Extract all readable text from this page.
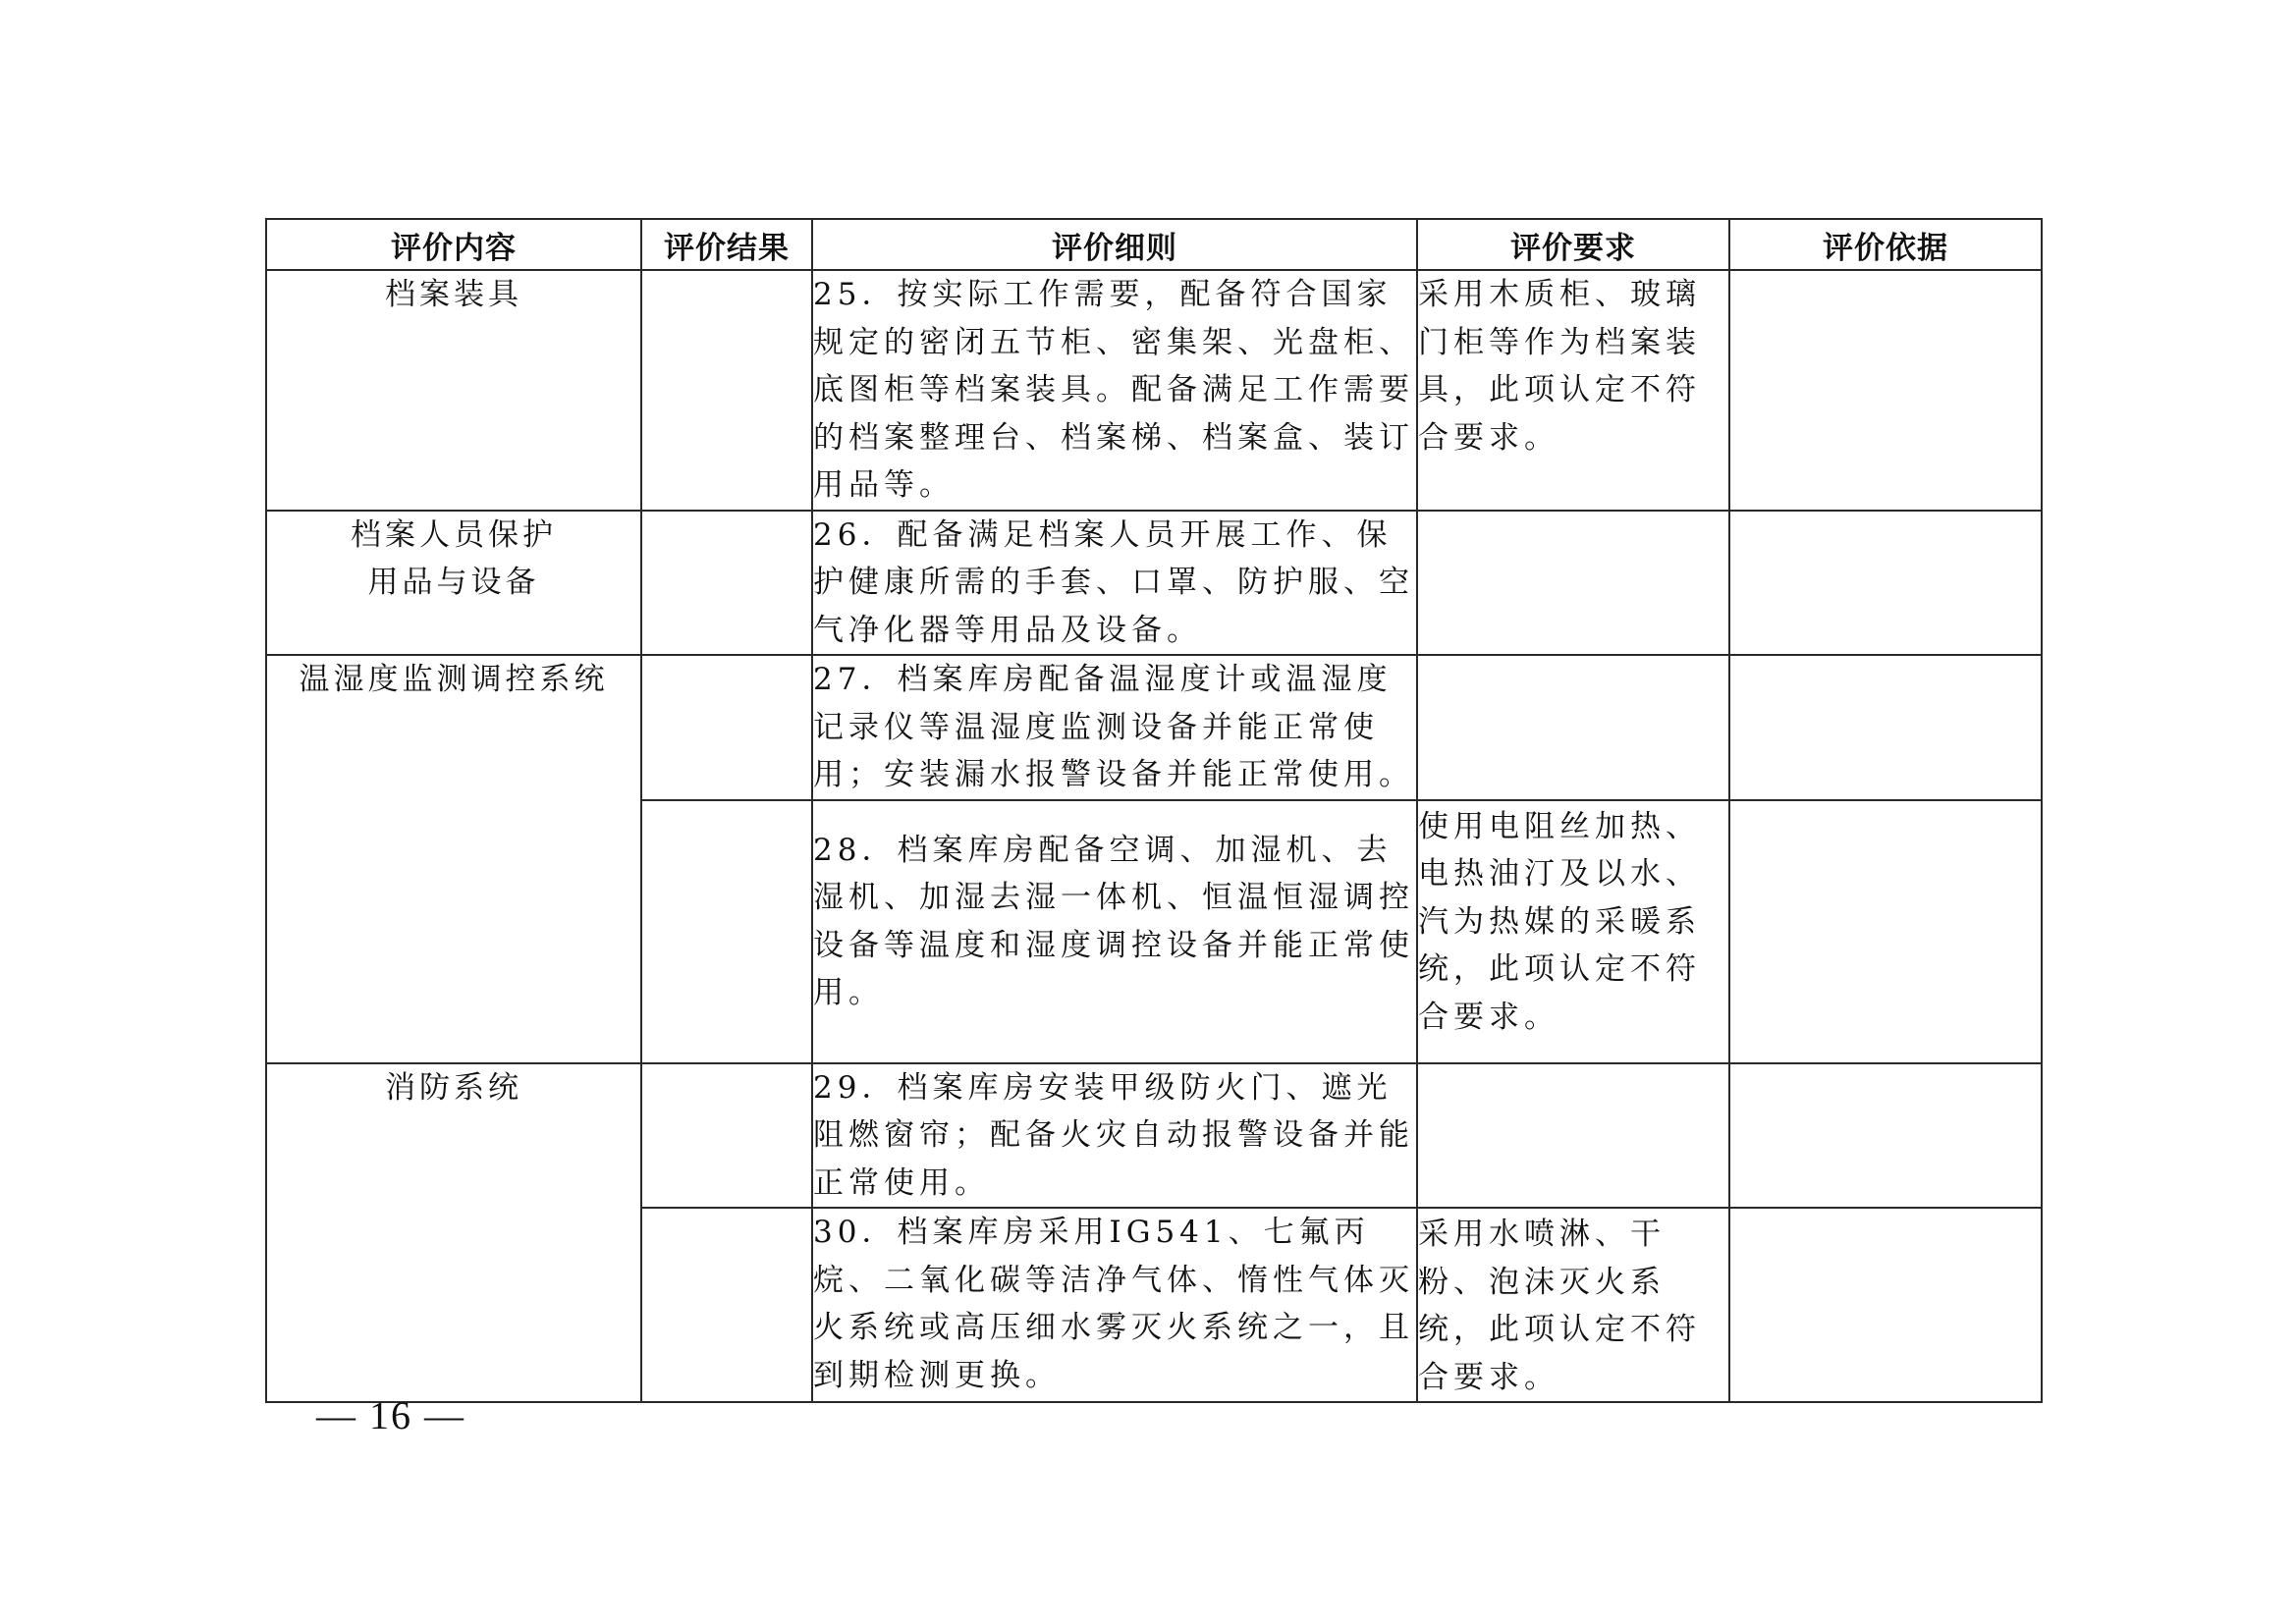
评价内容	评价结果	评价细则	评价要求	评价依据
档案装具		25．按实际工作需要，配备符合国家规定的密闭五节柜、密集架、光盘柜、底图柜等档案装具。配备满足工作需要的档案整理台、档案梯、档案盒、装订用品等。	采用木质柜、玻璃门柜等作为档案装具，此项认定不符合要求。	
档案人员保护用品与设备		26．配备满足档案人员开展工作、保护健康所需的手套、口罩、防护服、空气净化器等用品及设备。		
温湿度监测调控系统		27．档案库房配备温湿度计或温湿度记录仪等温湿度监测设备并能正常使用；安装漏水报警设备并能正常使用。		
		28．档案库房配备空调、加湿机、去湿机、加湿去湿一体机、恒温恒湿调控设备等温度和湿度调控设备并能正常使用。	使用电阻丝加热、电热油汀及以水、汽为热媒的采暖系统，此项认定不符合要求。	
消防系统		29．档案库房安装甲级防火门、遮光阻燃窗帘；配备火灾自动报警设备并能正常使用。		
		30．档案库房采用IG541、七氟丙烷、二氧化碳等洁净气体、惰性气体灭火系统或高压细水雾灭火系统之一，且到期检测更换。	采用水喷淋、干粉、泡沫灭火系统，此项认定不符合要求。	
— 16 —
